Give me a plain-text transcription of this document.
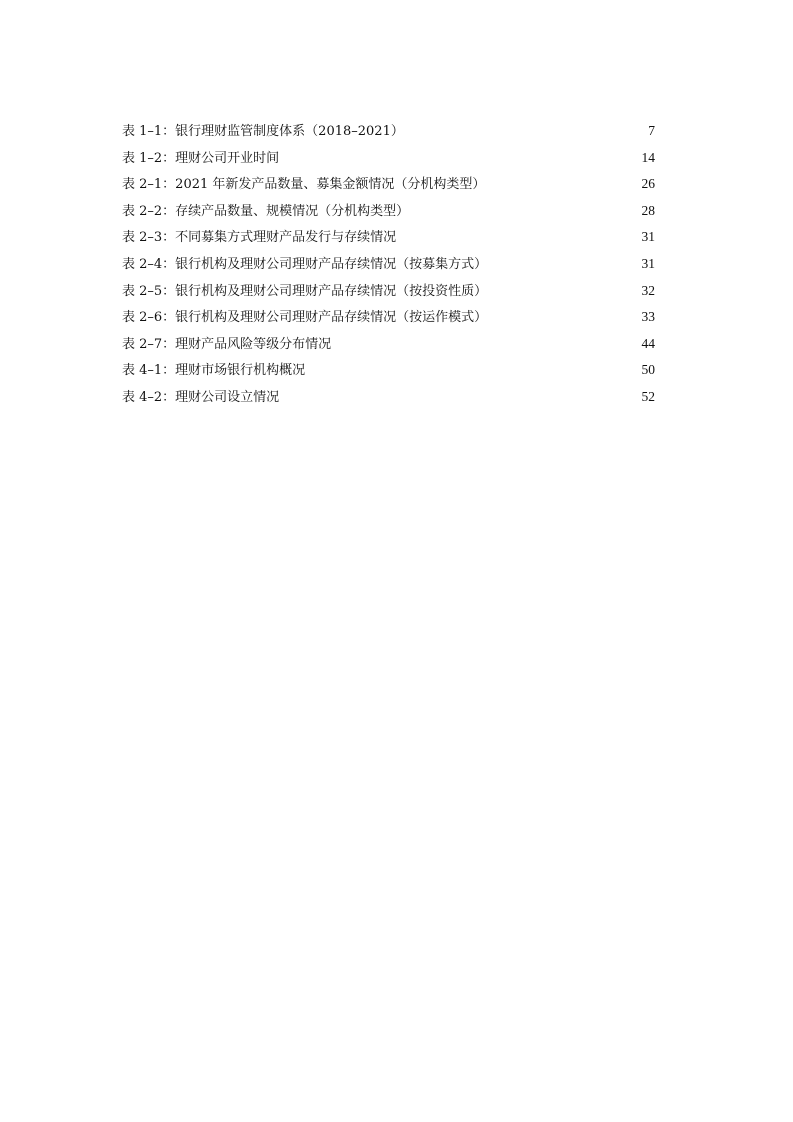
表 1–1：银行理财监管制度体系（2018–2021）	7
表 1–2：理财公司开业时间	14
表 2–1：2021 年新发产品数量、募集金额情况（分机构类型）	26
表 2–2：存续产品数量、规模情况（分机构类型）	28
表 2–3：不同募集方式理财产品发行与存续情况	31
表 2–4：银行机构及理财公司理财产品存续情况（按募集方式）	31
表 2–5：银行机构及理财公司理财产品存续情况（按投资性质）	32
表 2–6：银行机构及理财公司理财产品存续情况（按运作模式）	33
表 2–7：理财产品风险等级分布情况	44
表 4–1：理财市场银行机构概况	50
表 4–2：理财公司设立情况	52
